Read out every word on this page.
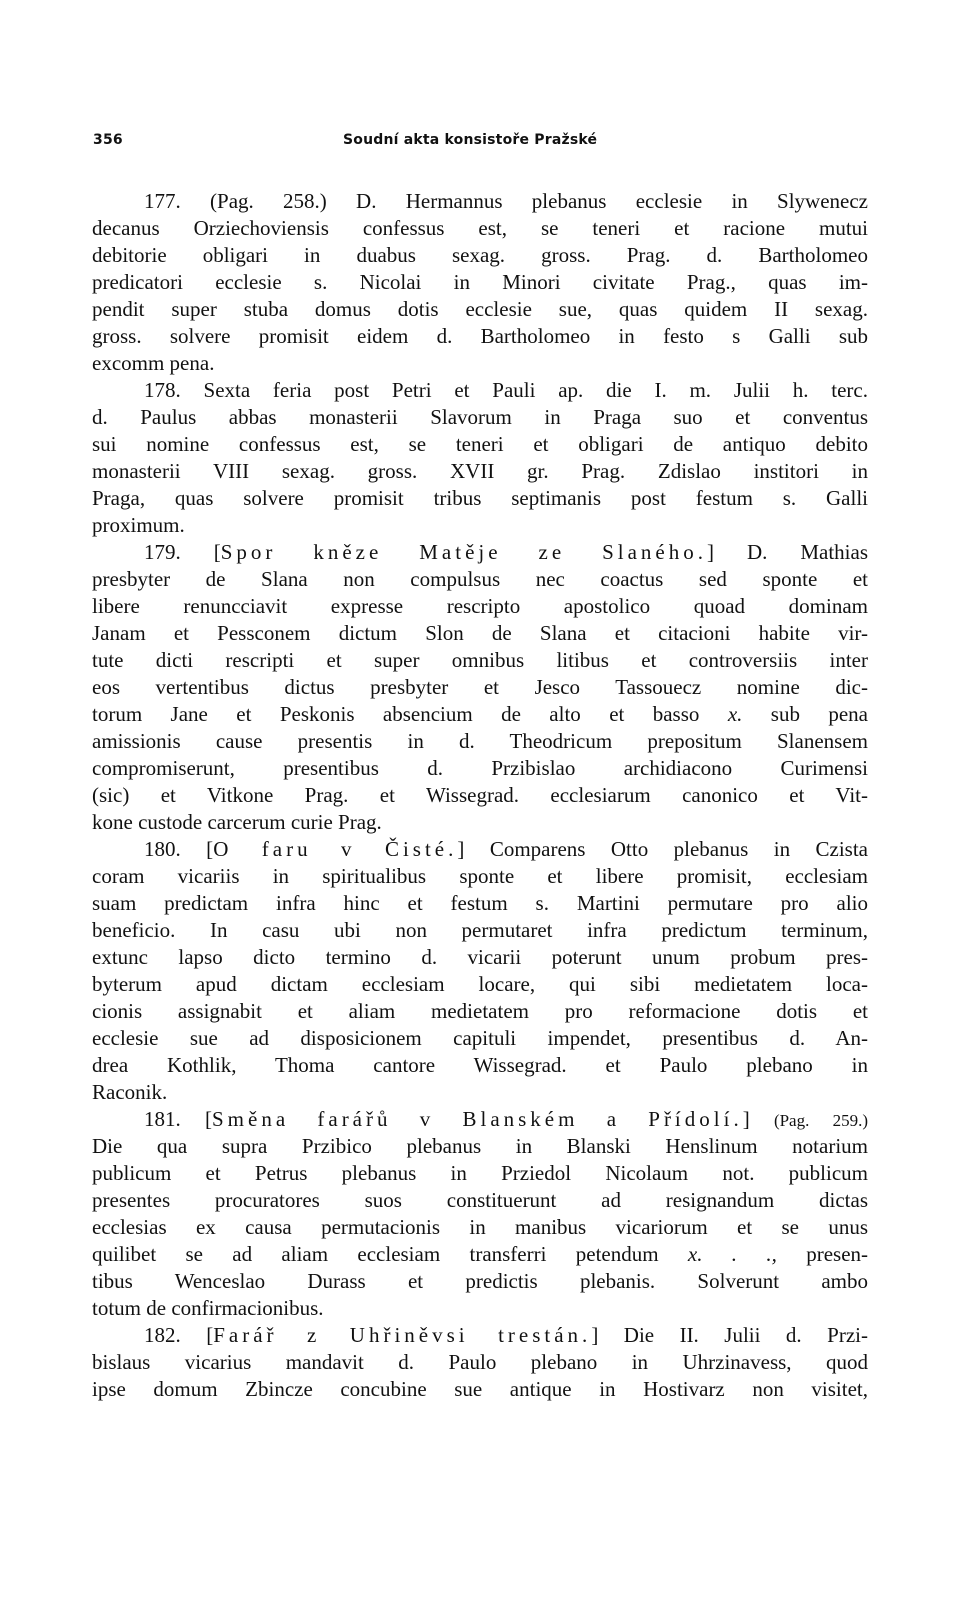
356	Soudní akta konsistoře Pražské
177. (Pag. 258.) D. Hermannus plebanus ecclesie in Slywenecz
decanus Orziechoviensis confessus est, se teneri et racione mutui
debitorie obligari in duabus sexag. gross. Prag. d. Bartholomeo
predicatori ecclesie s. Nicolai in Minori civitate Prag., quas im-
pendit super stuba domus dotis ecclesie sue, quas quidem II sexag.
gross. solvere promisit eidem d. Bartholomeo in festo s Galli sub
excomm pena.
178. Sexta feria post Petri et Pauli ap. die I. m. Julii h. terc.
d. Paulus abbas monasterii Slavorum in Praga suo et conventus
sui nomine confessus est, se teneri et obligari de antiquo debito
monasterii VIII sexag. gross. XVII gr. Prag. Zdislao institori in
Praga, quas solvere promisit tribus septimanis post festum s. Galli
proximum.
179. [Spor kněze Matěje ze Slaného.] D. Mathias
presbyter de Slana non compulsus nec coactus sed sponte et
libere renuncciavit expresse rescripto apostolico quoad dominam
Janam et Pessconem dictum Slon de Slana et citacioni habite vir-
tute dicti rescripti et super omnibus litibus et controversiis inter
eos vertentibus dictus presbyter et Jesco Tassouecz nomine dic-
torum Jane et Peskonis absencium de alto et basso x. sub pena
amissionis cause presentis in d. Theodricum prepositum Slanensem
compromiserunt, presentibus d. Przibislao archidiacono Curimensi
(sic) et Vitkone Prag. et Wissegrad. ecclesiarum canonico et Vit-
kone custode carcerum curie Prag.
180. [O faru v Čisté.] Comparens Otto plebanus in Czista
coram vicariis in spiritualibus sponte et libere promisit, ecclesiam
suam predictam infra hinc et festum s. Martini permutare pro alio
beneficio. In casu ubi non permutaret infra predictum terminum,
extunc lapso dicto termino d. vicarii poterunt unum probum pres-
byterum apud dictam ecclesiam locare, qui sibi medietatem loca-
cionis assignabit et aliam medietatem pro reformacione dotis et
ecclesie sue ad disposicionem capituli impendet, presentibus d. An-
drea Kothlik, Thoma cantore Wissegrad. et Paulo plebano in
Raconik.
181. [Směna farářů v Blanském a Přídolí.] (Pag. 259.)
Die qua supra Przibico plebanus in Blanski Henslinum notarium
publicum et Petrus plebanus in Prziedol Nicolaum not. publicum
presentes procuratores suos constituerunt ad resignandum dictas
ecclesias ex causa permutacionis in manibus vicariorum et se unus
quilibet se ad aliam ecclesiam transferri petendum x. . ., presen-
tibus Wenceslao Durass et predictis plebanis. Solverunt ambo
totum de confirmacionibus.
182. [Farář z Uhřiněvsi trestán.] Die II. Julii d. Przi-
bislaus vicarius mandavit d. Paulo plebano in Uhrzinavess, quod
ipse domum Zbincze concubine sue antique in Hostivarz non visitet,
